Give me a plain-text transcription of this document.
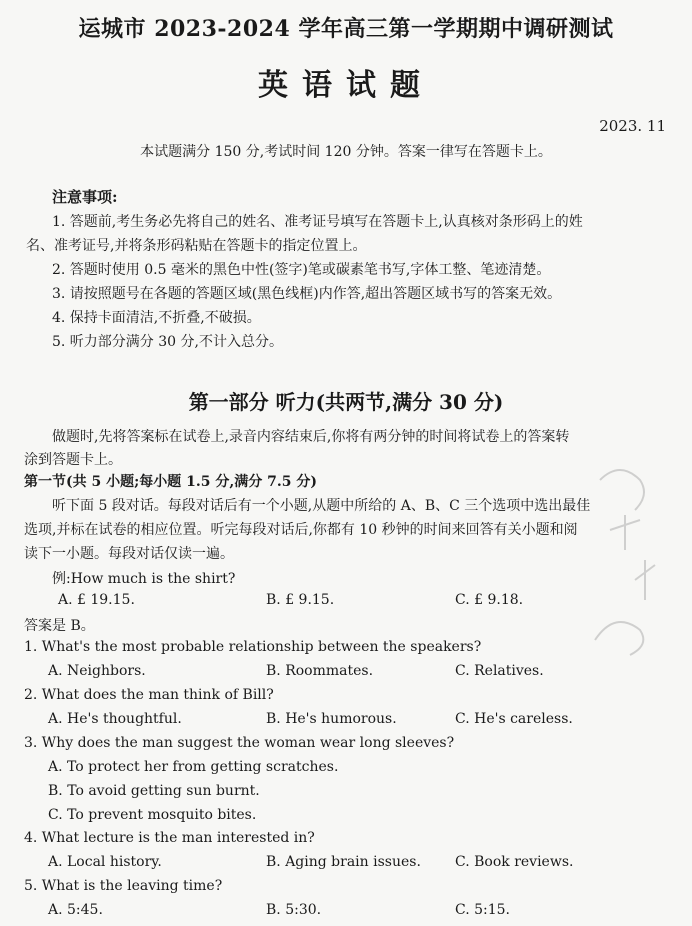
运城市 2023-2024 学年高三第一学期期中调研测试
英语试题
2023. 11
本试题满分 150 分,考试时间 120 分钟。答案一律写在答题卡上。
注意事项:
1. 答题前,考生务必先将自己的姓名、准考证号填写在答题卡上,认真核对条形码上的姓
名、准考证号,并将条形码粘贴在答题卡的指定位置上。
2. 答题时使用 0.5 毫米的黑色中性(签字)笔或碳素笔书写,字体工整、笔迹清楚。
3. 请按照题号在各题的答题区域(黑色线框)内作答,超出答题区域书写的答案无效。
4. 保持卡面清洁,不折叠,不破损。
5. 听力部分满分 30 分,不计入总分。
第一部分 听力(共两节,满分 30 分)
做题时,先将答案标在试卷上,录音内容结束后,你将有两分钟的时间将试卷上的答案转
涂到答题卡上。
第一节(共 5 小题;每小题 1.5 分,满分 7.5 分)
听下面 5 段对话。每段对话后有一个小题,从题中所给的 A、B、C 三个选项中选出最佳
选项,并标在试卷的相应位置。听完每段对话后,你都有 10 秒钟的时间来回答有关小题和阅
读下一小题。每段对话仅读一遍。
例:How much is the shirt?
A. £ 19.15.	B. £ 9.15.	C. £ 9.18.
答案是 B。
1. What's the most probable relationship between the speakers?
A. Neighbors.	B. Roommates.	C. Relatives.
2. What does the man think of Bill?
A. He's thoughtful.	B. He's humorous.	C. He's careless.
3. Why does the man suggest the woman wear long sleeves?
A. To protect her from getting scratches.
B. To avoid getting sun burnt.
C. To prevent mosquito bites.
4. What lecture is the man interested in?
A. Local history.	B. Aging brain issues. C. Book reviews.
5. What is the leaving time?
A. 5:45.	B. 5:30.	C. 5:15.
